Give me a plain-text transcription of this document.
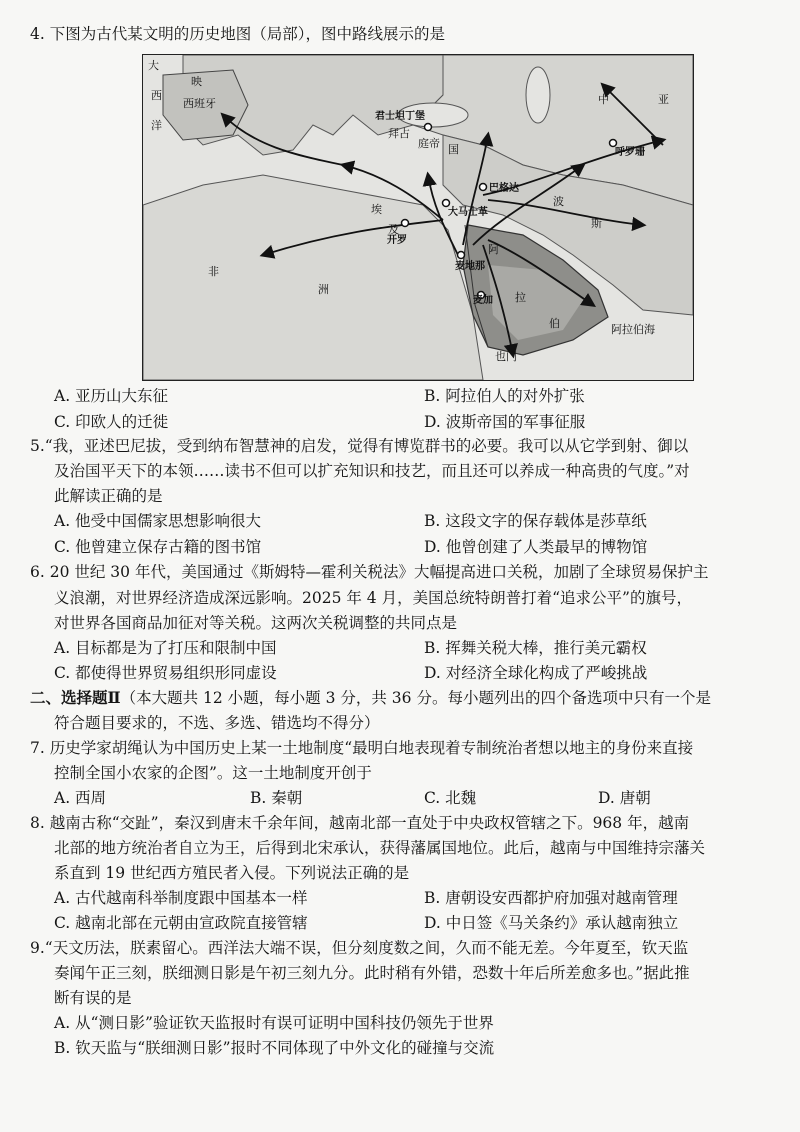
4. 下图为古代某文明的历史地图（局部），图中路线展示的是
大
西
洋
映
西班牙
君士坦丁堡
拜占
庭帝 国
巴格达
大马士革
波
斯
呼罗珊
中	亚
埃
及
开罗
非
洲
阿
拉
伯
麦地那
麦加
也门
阿拉伯海
A. 亚历山大东征	B. 阿拉伯人的对外扩张
C. 印欧人的迁徙	D. 波斯帝国的军事征服
5.“我，亚述巴尼拔，受到纳布智慧神的启发，觉得有博览群书的必要。我可以从它学到射、御以
及治国平天下的本领……读书不但可以扩充知识和技艺，而且还可以养成一种高贵的气度。”对
此解读正确的是
A. 他受中国儒家思想影响很大	B. 这段文字的保存载体是莎草纸
C. 他曾建立保存古籍的图书馆	D. 他曾创建了人类最早的博物馆
6. 20 世纪 30 年代，美国通过《斯姆特—霍利关税法》大幅提高进口关税，加剧了全球贸易保护主
义浪潮，对世界经济造成深远影响。2025 年 4 月，美国总统特朗普打着“追求公平”的旗号，
对世界各国商品加征对等关税。这两次关税调整的共同点是
A. 目标都是为了打压和限制中国	B. 挥舞关税大棒，推行美元霸权
C. 都使得世界贸易组织形同虚设	D. 对经济全球化构成了严峻挑战
二、选择题Ⅱ（本大题共 12 小题，每小题 3 分，共 36 分。每小题列出的四个备选项中只有一个是
符合题目要求的，不选、多选、错选均不得分）
7. 历史学家胡绳认为中国历史上某一土地制度“最明白地表现着专制统治者想以地主的身份来直接
控制全国小农家的企图”。这一土地制度开创于
A. 西周	B. 秦朝	C. 北魏	D. 唐朝
8. 越南古称“交趾”，秦汉到唐末千余年间，越南北部一直处于中央政权管辖之下。968 年，越南
北部的地方统治者自立为王，后得到北宋承认，获得藩属国地位。此后，越南与中国维持宗藩关
系直到 19 世纪西方殖民者入侵。下列说法正确的是
A. 古代越南科举制度跟中国基本一样	B. 唐朝设安西都护府加强对越南管理
C. 越南北部在元朝由宣政院直接管辖	D. 中日签《马关条约》承认越南独立
9.“天文历法，朕素留心。西洋法大端不误，但分刻度数之间，久而不能无差。今年夏至，钦天监
奏闻午正三刻，朕细测日影是午初三刻九分。此时稍有外错，恐数十年后所差愈多也。”据此推
断有误的是
A. 从“测日影”验证钦天监报时有误可证明中国科技仍领先于世界
B. 钦天监与“朕细测日影”报时不同体现了中外文化的碰撞与交流
